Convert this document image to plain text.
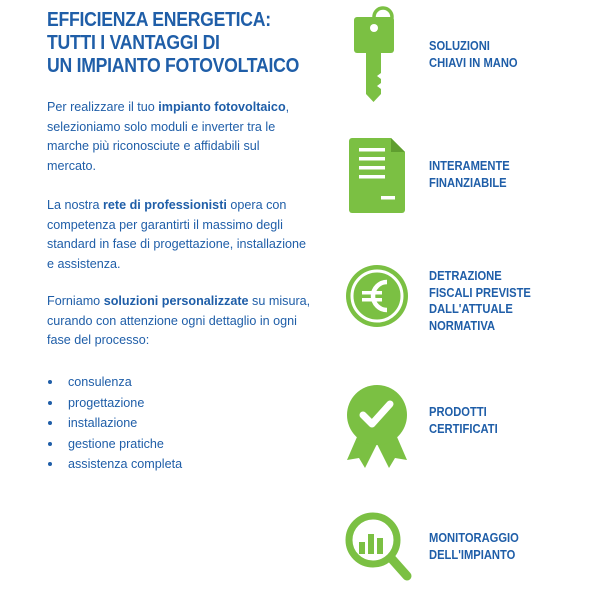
EFFICIENZA ENERGETICA:
TUTTI I VANTAGGI DI
UN IMPIANTO FOTOVOLTAICO

Per realizzare il tuo impianto fotovoltaico, selezioniamo solo moduli e inverter tra le marche più riconosciute e affidabili sul mercato.

La nostra rete di professionisti opera con competenza per garantirti il massimo degli standard in fase di progettazione, installazione e assistenza.

Forniamo soluzioni personalizzate su misura, curando con attenzione ogni dettaglio in ogni fase del processo:

consulenza
progettazione
installazione
gestione pratiche
assistenza completa
SOLUZIONI
CHIAVI IN MANO
INTERAMENTE
FINANZIABILE
DETRAZIONE
FISCALI PREVISTE
DALL'ATTUALE
NORMATIVA
PRODOTTI
CERTIFICATI
MONITORAGGIO
DELL'IMPIANTO
